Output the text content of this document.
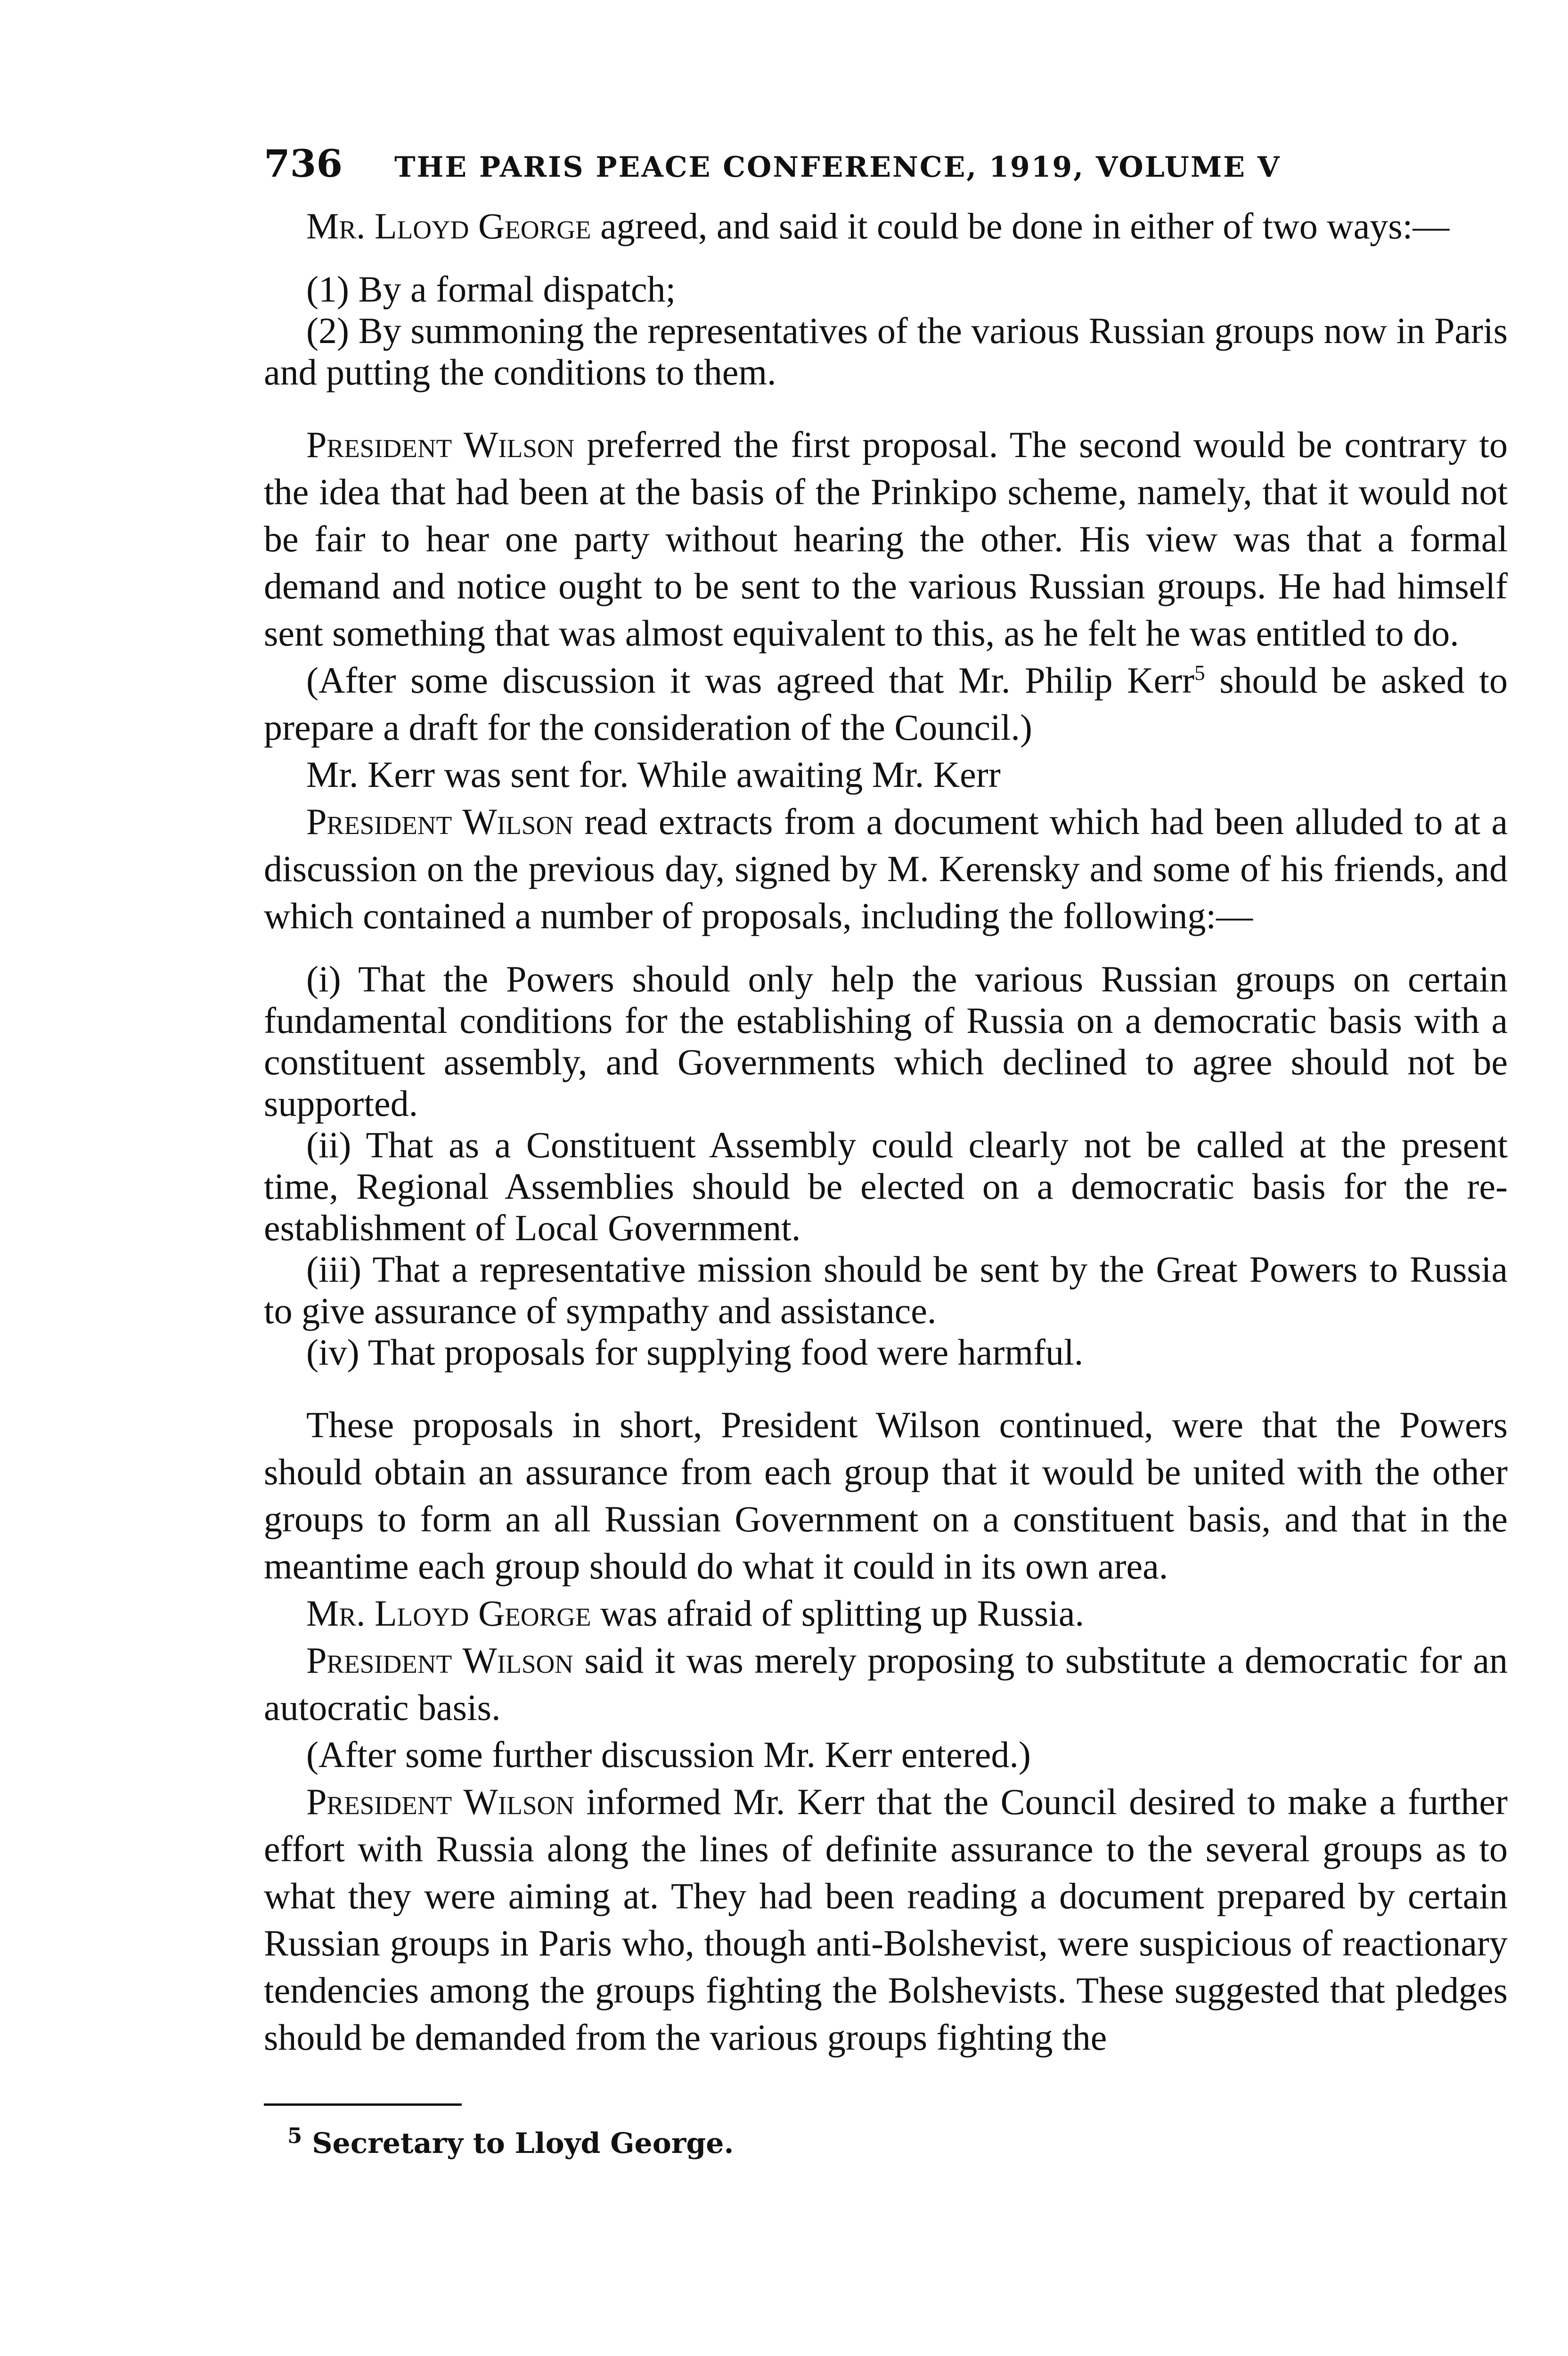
736 THE PARIS PEACE CONFERENCE, 1919, VOLUME V

Mr. Lloyd George agreed, and said it could be done in either of two ways:—

(1) By a formal dispatch;

(2) By summoning the representatives of the various Russian groups now in Paris and putting the conditions to them.

President Wilson preferred the first proposal. The second would be contrary to the idea that had been at the basis of the Prinkipo scheme, namely, that it would not be fair to hear one party without hearing the other. His view was that a formal demand and notice ought to be sent to the various Russian groups. He had himself sent something that was almost equivalent to this, as he felt he was entitled to do.

(After some discussion it was agreed that Mr. Philip Kerr$^5$ should be asked to prepare a draft for the consideration of the Council.)

Mr. Kerr was sent for. While awaiting Mr. Kerr

President Wilson read extracts from a document which had been alluded to at a discussion on the previous day, signed by M. Kerensky and some of his friends, and which contained a number of proposals, including the following:—

(i) That the Powers should only help the various Russian groups on certain fundamental conditions for the establishing of Russia on a democratic basis with a constituent assembly, and Governments which declined to agree should not be supported.

(ii) That as a Constituent Assembly could clearly not be called at the present time, Regional Assemblies should be elected on a democratic basis for the re-establishment of Local Government.

(iii) That a representative mission should be sent by the Great Powers to Russia to give assurance of sympathy and assistance.

(iv) That proposals for supplying food were harmful.

These proposals in short, President Wilson continued, were that the Powers should obtain an assurance from each group that it would be united with the other groups to form an all Russian Government on a constituent basis, and that in the meantime each group should do what it could in its own area.

Mr. Lloyd George was afraid of splitting up Russia.

President Wilson said it was merely proposing to substitute a democratic for an autocratic basis.

(After some further discussion Mr. Kerr entered.)

President Wilson informed Mr. Kerr that the Council desired to make a further effort with Russia along the lines of definite assurance to the several groups as to what they were aiming at. They had been reading a document prepared by certain Russian groups in Paris who, though anti-Bolshevist, were suspicious of reactionary tendencies among the groups fighting the Bolshevists. These suggested that pledges should be demanded from the various groups fighting the

$^5$ Secretary to Lloyd George.
